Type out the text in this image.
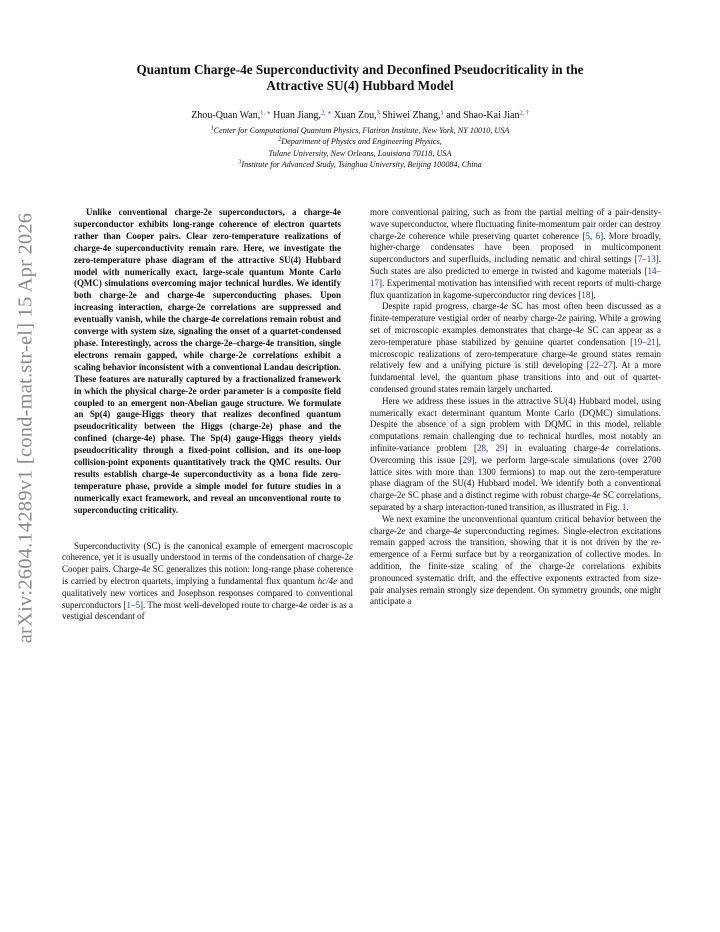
arXiv:2604.14289v1 [cond-mat.str-el] 15 Apr 2026
Quantum Charge-4e Superconductivity and Deconfined Pseudocriticality in the
Attractive SU(4) Hubbard Model
Zhou-Quan Wan,$^{1, ∗}$ Huan Jiang,$^{2, ∗}$ Xuan Zou,$^3$ Shiwei Zhang,$^1$ and Shao-Kai Jian$^{2, \dagger}$
$^1$Center for Computational Quantum Physics, Flatiron Institute, New York, NY 10010, USA
$^2$Department of Physics and Engineering Physics,
Tulane University, New Orleans, Louisiana 70118, USA
$^3$Institute for Advanced Study, Tsinghua University, Beijing 100084, China

Unlike conventional charge-2e superconductors, a charge-4e superconductor exhibits long-range coherence of electron quartets rather than Cooper pairs. Clear zero-temperature realizations of charge-4e superconductivity remain rare. Here, we investigate the zero-temperature phase diagram of the attractive SU(4) Hubbard model with numerically exact, large-scale quantum Monte Carlo (QMC) simulations overcoming major technical hurdles. We identify both charge-2e and charge-4e superconducting phases. Upon increasing interaction, charge-2e correlations are suppressed and eventually vanish, while the charge-4e correlations remain robust and converge with system size, signaling the onset of a quartet-condensed phase. Interestingly, across the charge-2e–charge-4e transition, single electrons remain gapped, while charge-2e correlations exhibit a scaling behavior inconsistent with a conventional Landau description. These features are naturally captured by a fractionalized framework in which the physical charge-2e order parameter is a composite field coupled to an emergent non-Abelian gauge structure. We formulate an Sp(4) gauge-Higgs theory that realizes deconfined quantum pseudocriticality between the Higgs (charge-2e) phase and the confined (charge-4e) phase. The Sp(4) gauge-Higgs theory yields pseudocriticality through a fixed-point collision, and its one-loop collision-point exponents quantitatively track the QMC results. Our results establish charge-4e superconductivity as a bona fide zero-temperature phase, provide a simple model for future studies in a numerically exact framework, and reveal an unconventional route to superconducting criticality.

Superconductivity (SC) is the canonical example of emergent macroscopic coherence, yet it is usually understood in terms of the condensation of charge-2e Cooper pairs. Charge-4e SC generalizes this notion: long-range phase coherence is carried by electron quartets, implying a fundamental flux quantum hc/4e and qualitatively new vortices and Josephson responses compared to conventional superconductors [1–5]. The most well-developed route to charge-4e order is as a vestigial descendant of

more conventional pairing, such as from the partial melting of a pair-density-wave superconductor, where fluctuating finite-momentum pair order can destroy charge-2e coherence while preserving quartet coherence [5, 6]. More broadly, higher-charge condensates have been proposed in multicomponent superconductors and superfluids, including nematic and chiral settings [7–13]. Such states are also predicted to emerge in twisted and kagome materials [14–17]. Experimental motivation has intensified with recent reports of multi-charge flux quantization in kagome-superconductor ring devices [18].

Despite rapid progress, charge-4e SC has most often been discussed as a finite-temperature vestigial order of nearby charge-2e pairing. While a growing set of microscopic examples demonstrates that charge-4e SC can appear as a zero-temperature phase stabilized by genuine quartet condensation [19–21], microscopic realizations of zero-temperature charge-4e ground states remain relatively few and a unifying picture is still developing [22–27]. At a more fundamental level, the quantum phase transitions into and out of quartet-condensed ground states remain largely uncharted.

Here we address these issues in the attractive SU(4) Hubbard model, using numerically exact determinant quantum Monte Carlo (DQMC) simulations. Despite the absence of a sign problem with DQMC in this model, reliable computations remain challenging due to technical hurdles, most notably an infinite-variance problem [28, 29] in evaluating charge-4e correlations. Overcoming this issue [29], we perform large-scale simulations (over 2700 lattice sites with more than 1300 fermions) to map out the zero-temperature phase diagram of the SU(4) Hubbard model. We identify both a conventional charge-2e SC phase and a distinct regime with robust charge-4e SC correlations, separated by a sharp interaction-tuned transition, as illustrated in Fig. 1.

We next examine the unconventional quantum critical behavior between the charge-2e and charge-4e superconducting regimes. Single-electron excitations remain gapped across the transition, showing that it is not driven by the re-emergence of a Fermi surface but by a reorganization of collective modes. In addition, the finite-size scaling of the charge-2e correlations exhibits pronounced systematic drift, and the effective exponents extracted from size-pair analyses remain strongly size dependent. On symmetry grounds, one might anticipate a
